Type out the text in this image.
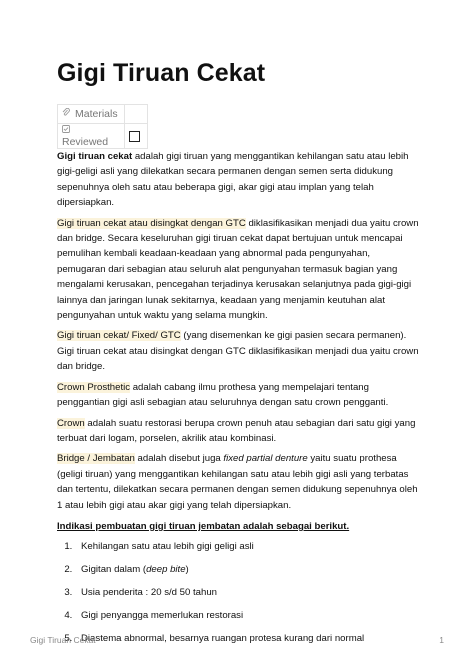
Gigi Tiruan Cekat
Materials	
Reviewed	

Gigi tiruan cekat adalah gigi tiruan yang menggantikan kehilangan satu atau lebih gigi-geligi asli yang dilekatkan secara permanen dengan semen serta didukung sepenuhnya oleh satu atau beberapa gigi, akar gigi atau implan yang telah dipersiapkan.

Gigi tiruan cekat atau disingkat dengan GTC diklasifikasikan menjadi dua yaitu crown dan bridge. Secara keseluruhan gigi tiruan cekat dapat bertujuan untuk mencapai pemulihan kembali keadaan-keadaan yang abnormal pada pengunyahan, pemugaran dari sebagian atau seluruh alat pengunyahan termasuk bagian yang mengalami kerusakan, pencegahan terjadinya kerusakan selanjutnya pada gigi-gigi lainnya dan jaringan lunak sekitarnya, keadaan yang menjamin keutuhan alat pengunyahan untuk waktu yang selama mungkin.

Gigi tiruan cekat/ Fixed/ GTC (yang disemenkan ke gigi pasien secara permanen). Gigi tiruan cekat atau disingkat dengan GTC diklasifikasikan menjadi dua yaitu crown dan bridge.

Crown Prosthetic adalah cabang ilmu prothesa yang mempelajari tentang penggantian gigi asli sebagian atau seluruhnya dengan satu crown pengganti.

Crown adalah suatu restorasi berupa crown penuh atau sebagian dari satu gigi yang terbuat dari logam, porselen, akrilik atau kombinasi.

Bridge / Jembatan adalah disebut juga fixed partial denture yaitu suatu prothesa (geligi tiruan) yang menggantikan kehilangan satu atau lebih gigi asli yang terbatas dan tertentu, dilekatkan secara permanen dengan semen didukung sepenuhnya oleh 1 atau lebih gigi atau akar gigi yang telah dipersiapkan.

Indikasi pembuatan gigi tiruan jembatan adalah sebagai berikut.

1. Kehilangan satu atau lebih gigi geligi asli
2. Gigitan dalam (deep bite)
3. Usia penderita : 20 s/d 50 tahun
4. Gigi penyangga memerlukan restorasi
5. Diastema abnormal, besarnya ruangan protesa kurang dari normal
Gigi Tiruan Cekat	1
